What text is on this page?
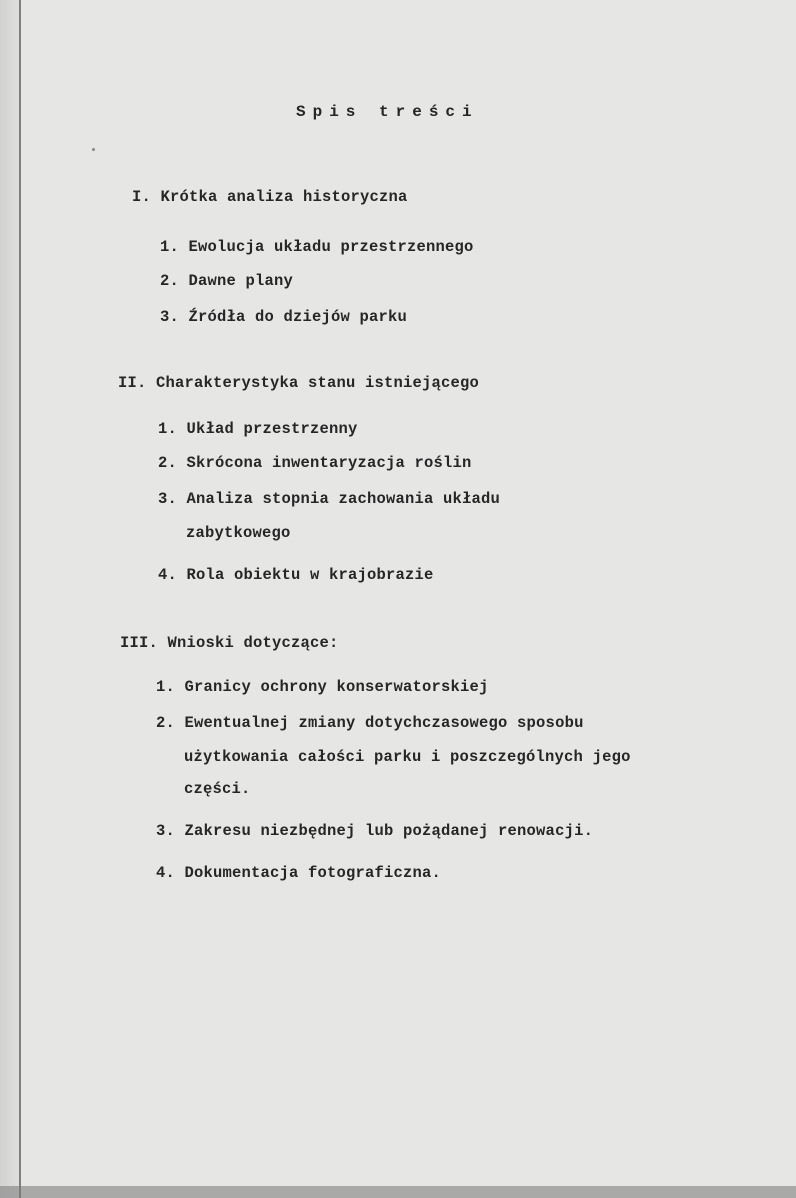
Spis treści
I. Krótka analiza historyczna
1. Ewolucja układu przestrzennego
2. Dawne plany
3. Źródła do dziejów parku
II. Charakterystyka stanu istniejącego
1. Układ przestrzenny
2. Skrócona inwentaryzacja roślin
3. Analiza stopnia zachowania układu
zabytkowego
4. Rola obiektu w krajobrazie
III. Wnioski dotyczące:
1. Granicy ochrony konserwatorskiej
2. Ewentualnej zmiany dotychczasowego sposobu
użytkowania całości parku i poszczególnych jego
części.
3. Zakresu niezbędnej lub pożądanej renowacji.
4. Dokumentacja fotograficzna.
